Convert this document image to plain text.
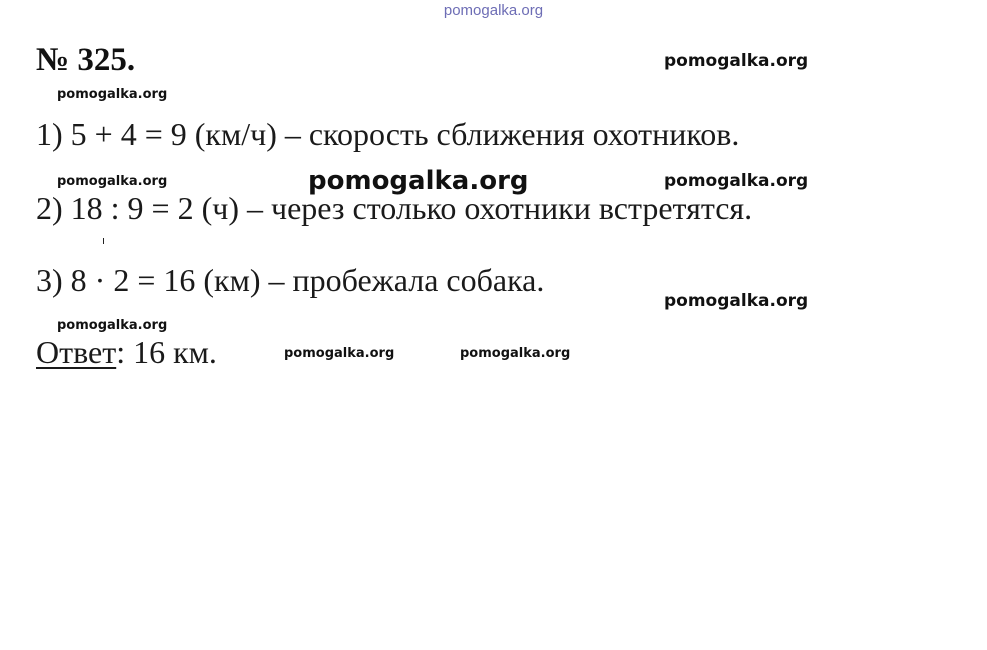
pomogalka.org
№ 325.
1) 5 + 4 = 9 (км/ч) – скорость сближения охотников.
2) 18 : 9 = 2 (ч) – через столько охотники встретятся.
3) 8 · 2 = 16 (км) – пробежала собака.
Ответ: 16 км.
pomogalka.org
pomogalka.org
pomogalka.org	pomogalka.org	pomogalka.org
pomogalka.org
pomogalka.org
pomogalka.org	pomogalka.org
